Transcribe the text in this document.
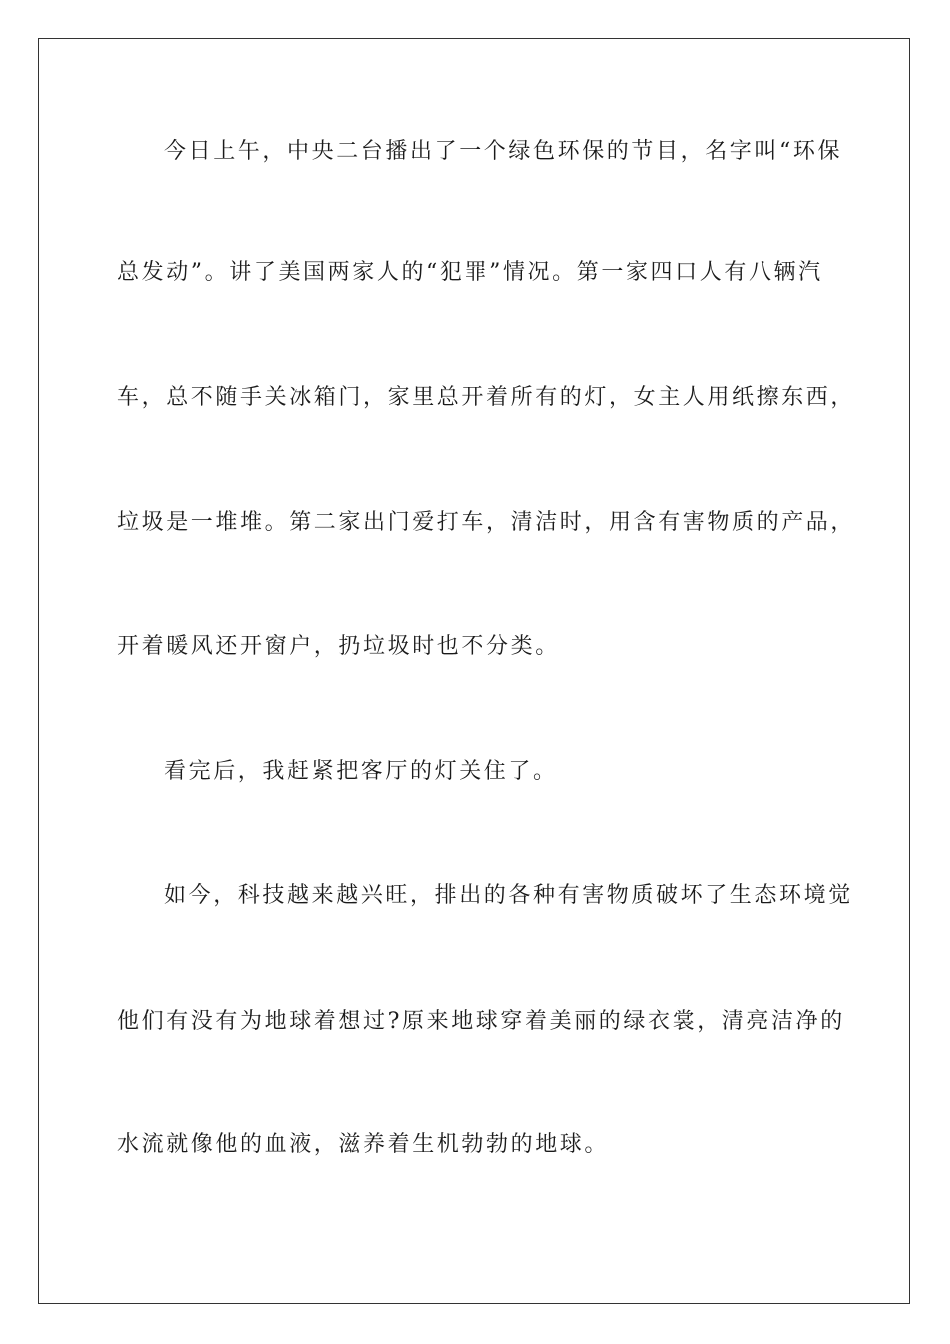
今日上午，中央二台播出了一个绿色环保的节目，名字叫“环保
总发动”。讲了美国两家人的“犯罪”情况。第一家四口人有八辆汽
车，总不随手关冰箱门，家里总开着所有的灯，女主人用纸擦东西，
垃圾是一堆堆。第二家出门爱打车，清洁时，用含有害物质的产品，
开着暖风还开窗户，扔垃圾时也不分类。
看完后，我赶紧把客厅的灯关住了。
如今，科技越来越兴旺，排出的各种有害物质破坏了生态环境觉
他们有没有为地球着想过?原来地球穿着美丽的绿衣裳，清亮洁净的
水流就像他的血液，滋养着生机勃勃的地球。
